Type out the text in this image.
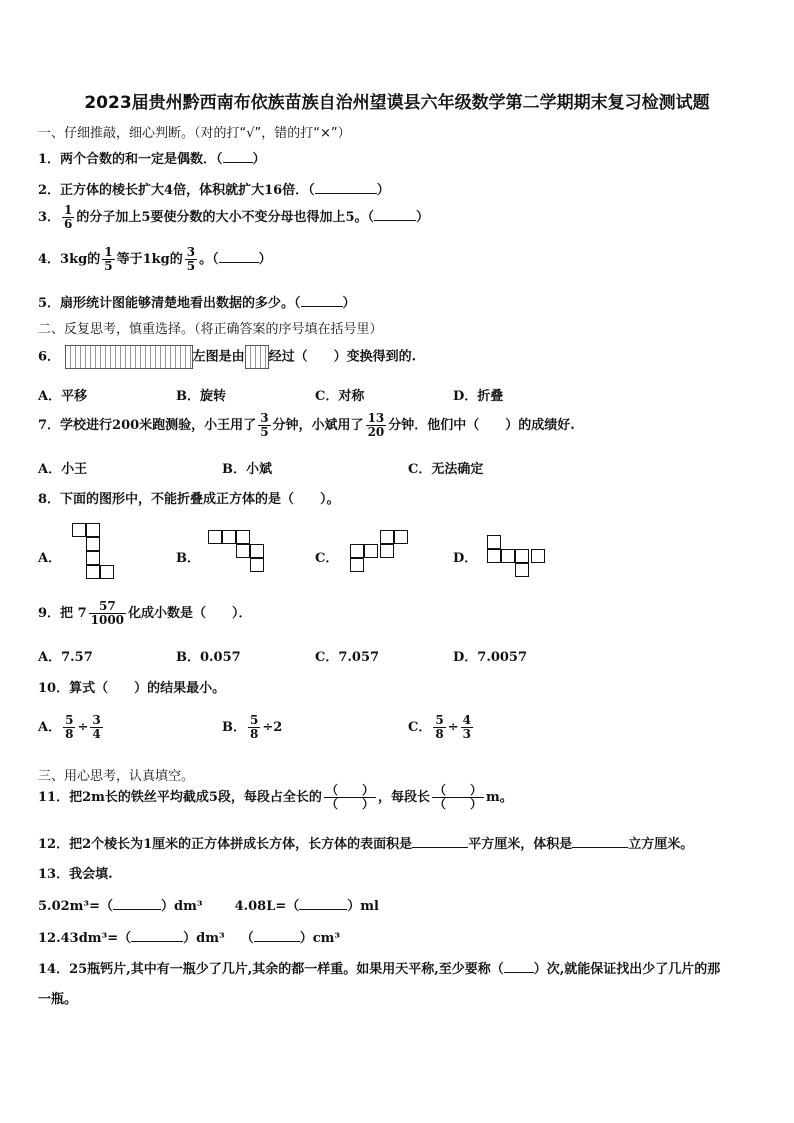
2023届贵州黔西南布依族苗族自治州望谟县六年级数学第二学期期末复习检测试题
一、仔细推敲，细心判断。（对的打“√”，错的打“×”）
1．两个合数的和一定是偶数．（ ）
2．正方体的棱长扩大4倍，体积就扩大16倍．（	）
3． $\frac{1}{6}$ 的分子加上5要使分数的大小不变分母也得加上5。（	）
4．3kg的 $\frac{1}{5}$ 等于1kg的 $\frac{3}{5}$ 。（	）
5．扇形统计图能够清楚地看出数据的多少。（	）
二、反复思考，慎重选择。（将正确答案的序号填在括号里）
6．	左图是由 经过（　　）变换得到的.
A．平移	B．旋转	C．对称	D．折叠
7．学校进行200米跑测验，小王用了 $\frac{3}{5}$ 分钟，小斌用了 $\frac{13}{20}$ 分钟．他们中（　　）的成绩好.
A．小王	B．小斌	C．无法确定
8．下面的图形中，不能折叠成正方体的是（　　）。
A．	B．	C．	D．
9．把 $7 \frac{57}{1000}$ 化成小数是（　　）．
A．7.57	B．0.057	C．7.057	D．7.0057
10．算式（　　）的结果最小。
A． $\frac{5}{8} \div \frac{3}{4}$	B． $\frac{5}{8} \div 2$	C． $\frac{5}{8} \div \frac{4}{3}$
三、用心思考，认真填空。
11．把2m长的铁丝平均截成5段，每段占全长的 （　　）
（　　） ，每段长 （　　）
（　　） m。
12．把2个棱长为1厘米的正方体拼成长方体，长方体的表面积是	平方厘米，体积是	立方厘米。
13．我会填.
5.02m³=（	）dm³ 4.08L=（	）ml
12.43dm³=（	）dm³ （	）cm³
14．25瓶钙片,其中有一瓶少了几片,其余的都一样重。如果用天平称,至少要称（ ）次,就能保证找出少了几片的那
一瓶。
